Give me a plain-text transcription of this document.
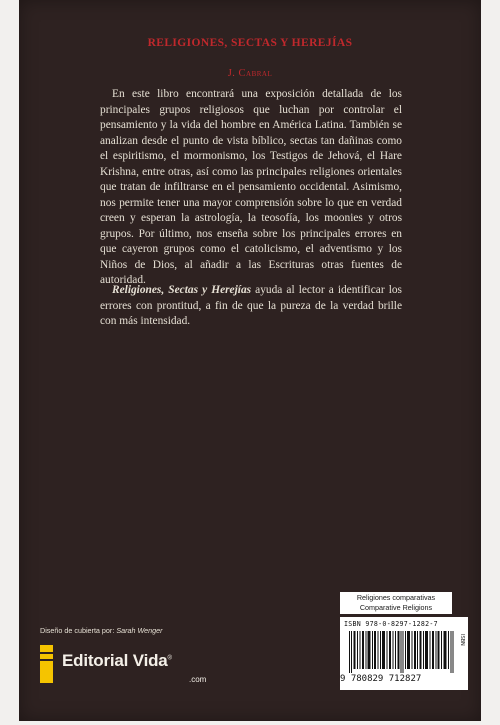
RELIGIONES, SECTAS Y HEREJÍAS
J. Cabral

En este libro encontrará una exposición detallada de los principales grupos religiosos que luchan por controlar el pensamiento y la vida del hombre en América Latina. También se analizan desde el punto de vista bíblico, sectas tan dañinas como el espiritismo, el mormonismo, los Testigos de Jehová, el Hare Krishna, entre otras, así como las principales religiones orientales que tratan de infiltrarse en el pensamiento occidental. Asimismo, nos permite tener una mayor comprensión sobre lo que en verdad creen y esperan la astrología, la teosofía, los moonies y otros grupos. Por último, nos enseña sobre los principales errores en que cayeron grupos como el catolicismo, el adventismo y los Niños de Dios, al añadir a las Escrituras otras fuentes de autoridad.

Religiones, Sectas y Herejías ayuda al lector a identificar los errores con prontitud, a fin de que la pureza de la verdad brille con más intensidad.

Diseño de cubierta por: Sarah Wenger
Editorial Vida®
.com
Religiones comparativas
Comparative Religions
ISBN 978-0-8297-1282-7
ISBN
9 780829 712827
